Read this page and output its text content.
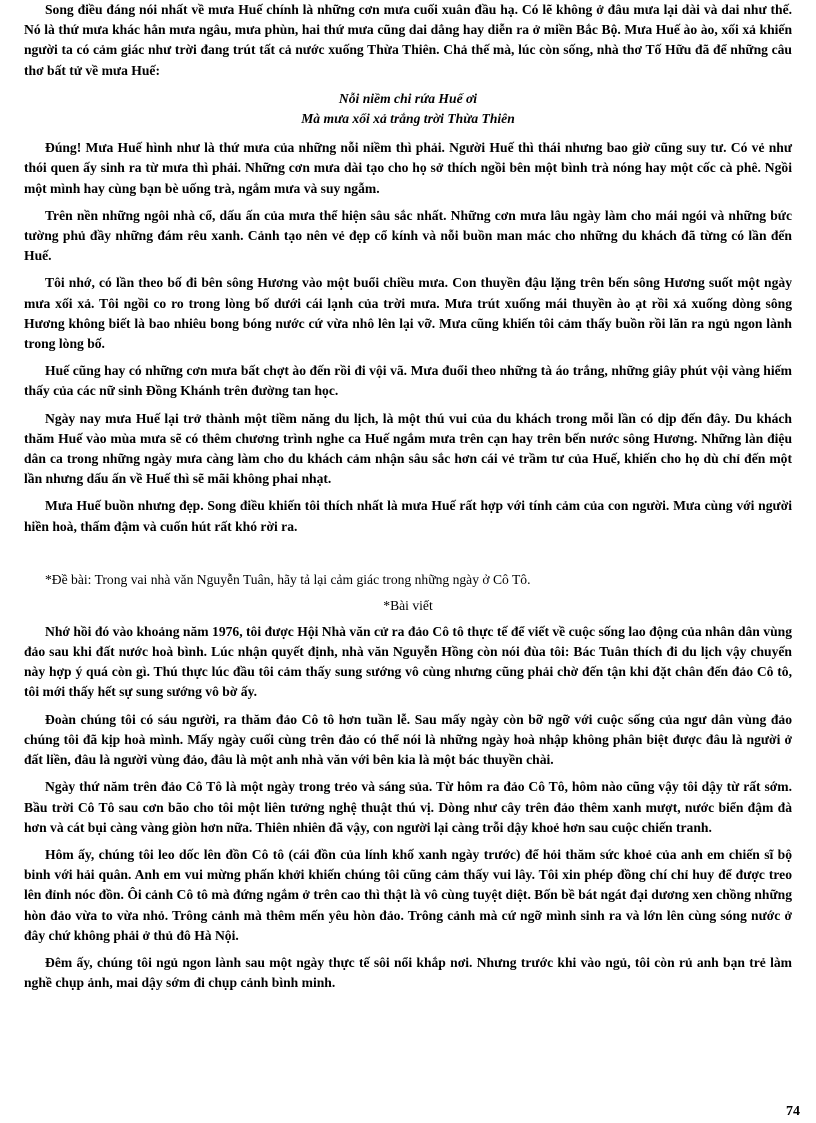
Song điều đáng nói nhất về mưa Huế chính là những cơn mưa cuối xuân đầu hạ. Có lẽ không ở đâu mưa lại dài và dai như thế. Nó là thứ mưa khác hẳn mưa ngâu, mưa phùn, hai thứ mưa cũng dai dẳng hay diễn ra ở miền Bắc Bộ. Mưa Huế ào ào, xối xả khiến người ta có cảm giác như trời đang trút tất cả nước xuống Thừa Thiên. Chả thế mà, lúc còn sống, nhà thơ Tố Hữu đã để những câu thơ bất tử về mưa Huế:

Nỗi niềm chi rứa Huế ơi

Mà mưa xối xả trắng trời Thừa Thiên

Đúng! Mưa Huế hình như là thứ mưa của những nỗi niềm thì phải. Người Huế thì thái nhưng bao giờ cũng suy tư. Có vẻ như thói quen ấy sinh ra từ mưa thì phải. Những cơn mưa dài tạo cho họ sở thích ngồi bên một bình trà nóng hay một cốc cà phê. Ngồi một mình hay cùng bạn bè uống trà, ngắm mưa và suy ngẫm.

Trên nền những ngôi nhà cổ, dấu ấn của mưa thể hiện sâu sắc nhất. Những cơn mưa lâu ngày làm cho mái ngói và những bức tường phủ đầy những đám rêu xanh. Cảnh tạo nên vẻ đẹp cổ kính và nỗi buồn man mác cho những du khách đã từng có lần đến Huế.

Tôi nhớ, có lần theo bố đi bên sông Hương vào một buổi chiều mưa. Con thuyền đậu lặng trên bến sông Hương suốt một ngày mưa xối xả. Tôi ngồi co ro trong lòng bố dưới cái lạnh của trời mưa. Mưa trút xuống mái thuyền ào ạt rồi xả xuống dòng sông Hương không biết là bao nhiêu bong bóng nước cứ vừa nhô lên lại vỡ. Mưa cũng khiến tôi cảm thấy buồn rồi lăn ra ngủ ngon lành trong lòng bố.

Huế cũng hay có những cơn mưa bất chợt ào đến rồi đi vội vã. Mưa đuổi theo những tà áo trắng, những giây phút vội vàng hiếm thấy của các nữ sinh Đồng Khánh trên đường tan học.

Ngày nay mưa Huế lại trở thành một tiềm năng du lịch, là một thú vui của du khách trong mỗi lần có dịp đến đây. Du khách thăm Huế vào mùa mưa sẽ có thêm chương trình nghe ca Huế ngắm mưa trên cạn hay trên bến nước sông Hương. Những làn điệu dân ca trong những ngày mưa càng làm cho du khách cảm nhận sâu sắc hơn cái vẻ trầm tư của Huế, khiến cho họ dù chỉ đến một lần nhưng dấu ấn về Huế thì sẽ mãi không phai nhạt.

Mưa Huế buồn nhưng đẹp. Song điều khiến tôi thích nhất là mưa Huế rất hợp với tính cảm của con người. Mưa cùng với người hiền hoà, thấm đậm và cuốn hút rất khó rời ra.

*Đề bài: Trong vai nhà văn Nguyễn Tuân, hãy tả lại cảm giác trong những ngày ở Cô Tô.

*Bài viết

Nhớ hồi đó vào khoảng năm 1976, tôi được Hội Nhà văn cử ra đảo Cô tô thực tế để viết về cuộc sống lao động của nhân dân vùng đảo sau khi đất nước hoà bình. Lúc nhận quyết định, nhà văn Nguyễn Hồng còn nói đùa tôi: Bác Tuân thích đi du lịch vậy chuyến này hợp ý quá còn gì. Thú thực lúc đầu tôi cảm thấy sung sướng vô cùng nhưng cũng phải chờ đến tận khi đặt chân đến đảo Cô tô, tôi mới thấy hết sự sung sướng vô bờ ấy.

Đoàn chúng tôi có sáu người, ra thăm đảo Cô tô hơn tuần lễ. Sau mấy ngày còn bỡ ngỡ với cuộc sống của ngư dân vùng đảo chúng tôi đã kịp hoà mình. Mấy ngày cuối cùng trên đảo có thể nói là những ngày hoà nhập không phân biệt được đâu là người ở đất liền, đâu là người vùng đảo, đâu là một anh nhà văn với bên kia là một bác thuyền chài.

Ngày thứ năm trên đảo Cô Tô là một ngày trong trẻo và sáng sủa. Từ hôm ra đảo Cô Tô, hôm nào cũng vậy tôi dậy từ rất sớm. Bầu trời Cô Tô sau cơn bão cho tôi một liên tưởng nghệ thuật thú vị. Dòng như cây trên đảo thêm xanh mượt, nước biển đậm đà hơn và cát bụi càng vàng giòn hơn nữa. Thiên nhiên đã vậy, con người lại càng trỗi dậy khoẻ hơn sau cuộc chiến tranh.

Hôm ấy, chúng tôi leo dốc lên đồn Cô tô (cái đồn của lính khố xanh ngày trước) để hỏi thăm sức khoẻ của anh em chiến sĩ bộ binh với hải quân. Anh em vui mừng phấn khởi khiến chúng tôi cũng cảm thấy vui lây. Tôi xin phép đồng chí chỉ huy để được treo lên đỉnh nóc đồn. Ôi cảnh Cô tô mà đứng ngắm ở trên cao thì thật là vô cùng tuyệt diệt. Bốn bề bát ngát đại dương xen chồng những hòn đảo vừa to vừa nhỏ. Trông cảnh mà thêm mến yêu hòn đảo. Trông cảnh mà cứ ngỡ mình sinh ra và lớn lên cùng sóng nước ở đây chứ không phải ở thủ đô Hà Nội.

Đêm ấy, chúng tôi ngủ ngon lành sau một ngày thực tế sôi nổi khắp nơi. Nhưng trước khi vào ngủ, tôi còn rủ anh bạn trẻ làm nghề chụp ảnh, mai dậy sớm đi chụp cảnh bình minh.

74
